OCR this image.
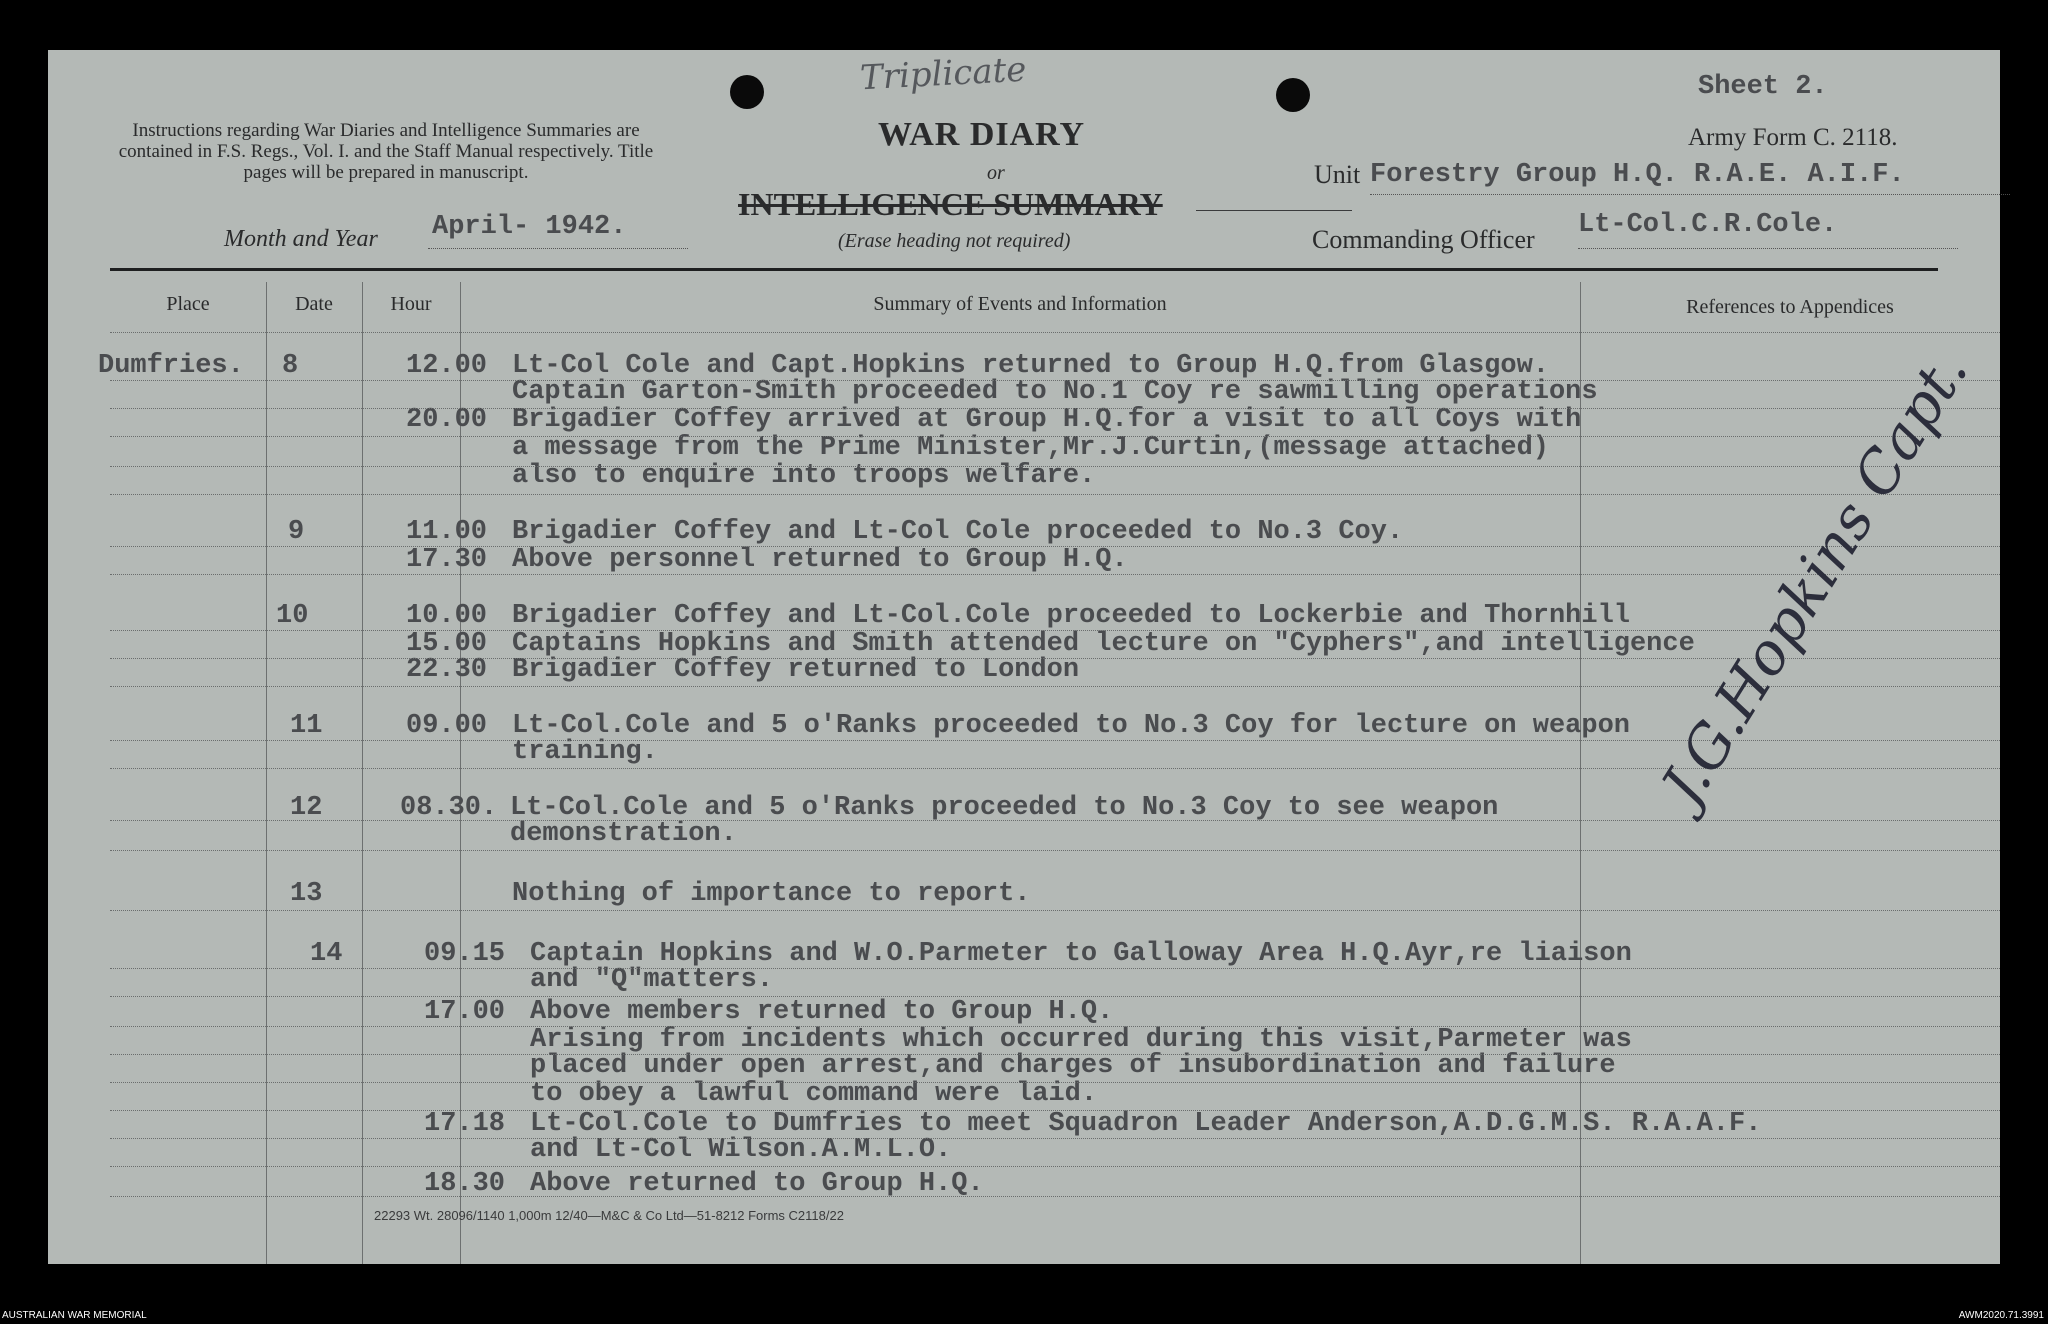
Triplicate	Sheet 2.
Army Form C. 2118.
Instructions regarding War Diaries and Intelligence Summaries are contained in F.S. Regs., Vol. I. and the Staff Manual respectively. Title pages will be prepared in manuscript.
WAR DIARY
or
INTELLIGENCE SUMMARY
(Erase heading not required)
Month and Year April- 1942.
Unit Forestry Group H.Q. R.A.E. A.I.F.
Commanding Officer Lt-Col.C.R.Cole.
Place	Date	Hour	Summary of Events and Information	References to Appendices
Dumfries. 8	12.00 Lt-Col Cole and Capt.Hopkins returned to Group H.Q.from Glasgow.
Captain Garton-Smith proceeded to No.1 Coy re sawmilling operations
20.00 Brigadier Coffey arrived at Group H.Q.for a visit to all Coys with
a message from the Prime Minister,Mr.J.Curtin,(message attached)
also to enquire into troops welfare.
9	11.00 Brigadier Coffey and Lt-Col Cole proceeded to No.3 Coy.
17.30 Above personnel returned to Group H.Q.
10	10.00 Brigadier Coffey and Lt-Col.Cole proceeded to Lockerbie and Thornhill
15.00 Captains Hopkins and Smith attended lecture on "Cyphers",and intelligence
22.30 Brigadier Coffey returned to London
11	09.00 Lt-Col.Cole and 5 o'Ranks proceeded to No.3 Coy for lecture on weapon
training.
12	08.30. Lt-Col.Cole and 5 o'Ranks proceeded to No.3 Coy to see weapon
demonstration.
13	Nothing of importance to report.
14	09.15 Captain Hopkins and W.O.Parmeter to Galloway Area H.Q.Ayr,re liaison
and "Q"matters.
17.00 Above members returned to Group H.Q.
Arising from incidents which occurred during this visit,Parmeter was
placed under open arrest,and charges of insubordination and failure
to obey a lawful command were laid.
17.18 Lt-Col.Cole to Dumfries to meet Squadron Leader Anderson,A.D.G.M.S. R.A.A.F.
and Lt-Col Wilson.A.M.L.O.
18.30 Above returned to Group H.Q.
J.G.Hopkins Capt.
22293 Wt. 28096/1140 1,000m 12/40—M&C & Co Ltd—51-8212 Forms C2118/22
AUSTRALIAN WAR MEMORIAL	AWM2020.71.3991
